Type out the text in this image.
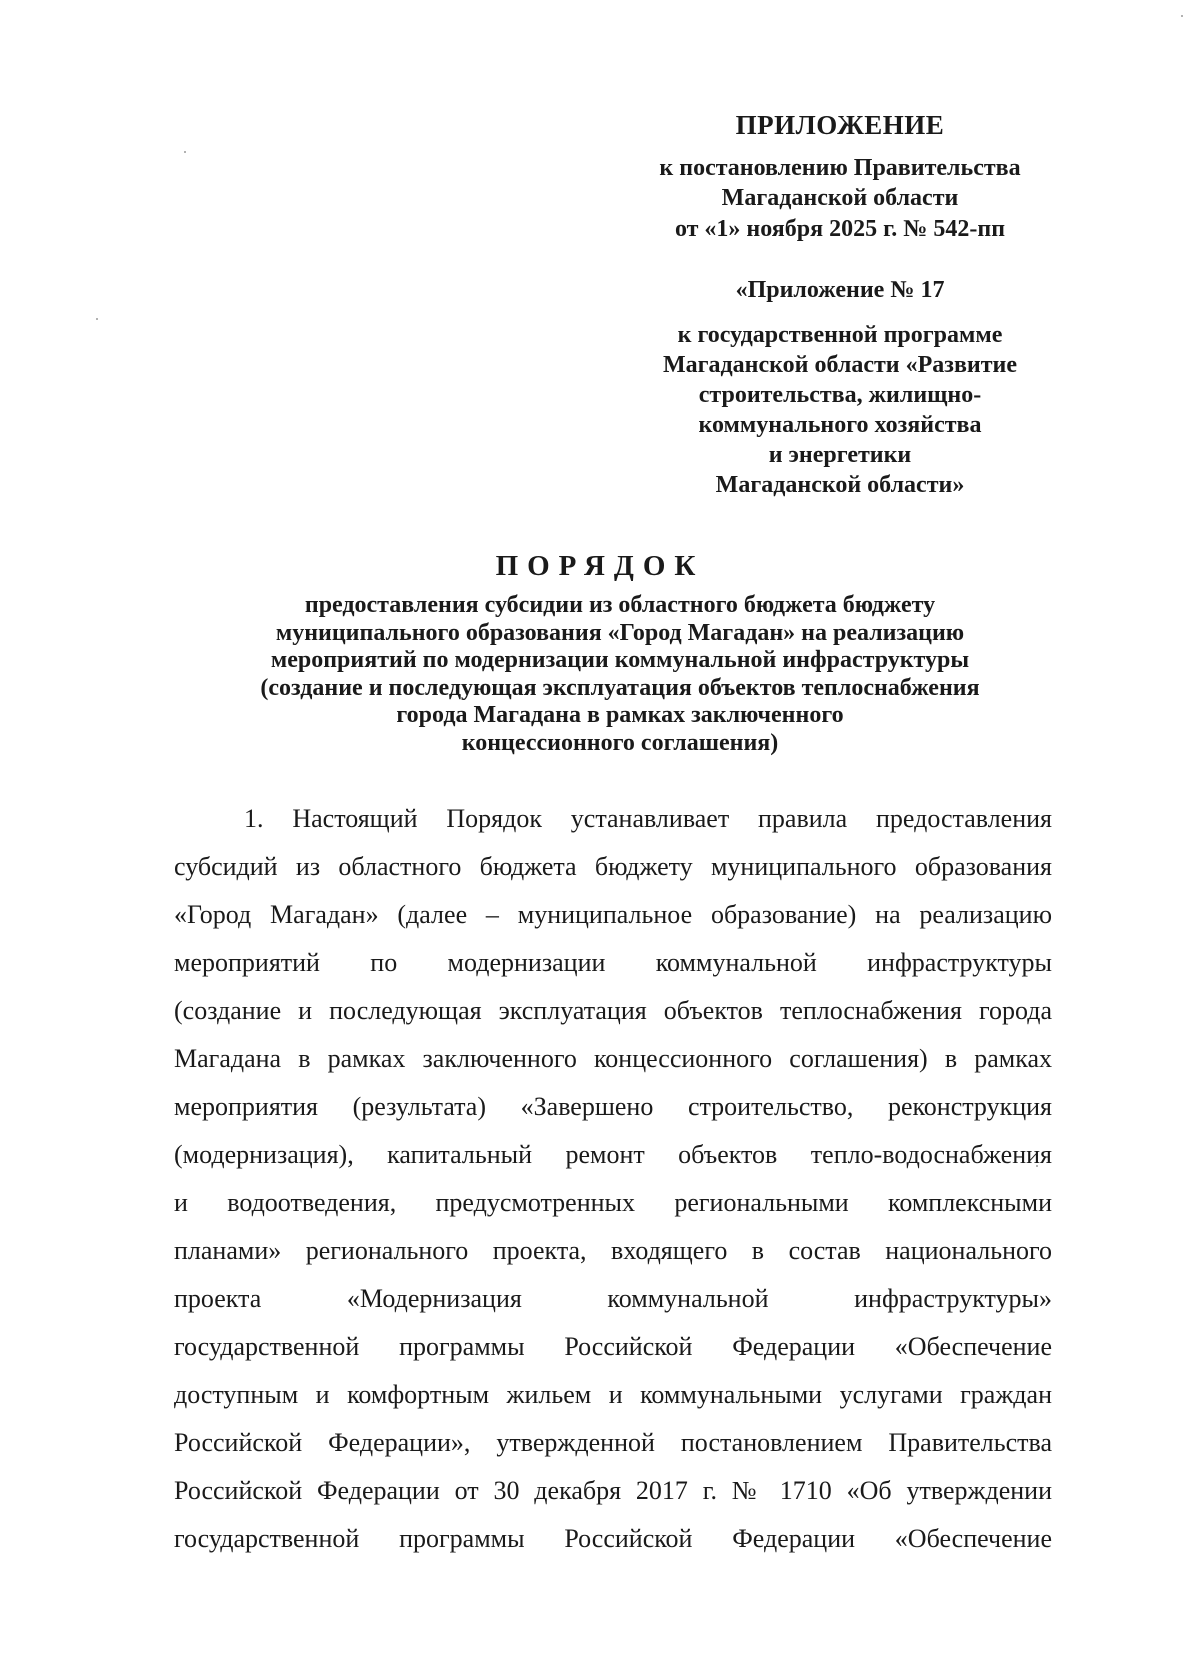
ПРИЛОЖЕНИЕ
к постановлению Правительства
Магаданской области
от «1» ноября 2025 г. № 542-пп
«Приложение № 17
к государственной программе
Магаданской области «Развитие
строительства, жилищно-
коммунального хозяйства
и энергетики
Магаданской области»
ПОРЯДОК
предоставления субсидии из областного бюджета бюджету
муниципального образования «Город Магадан» на реализацию
мероприятий по модернизации коммунальной инфраструктуры
(создание и последующая эксплуатация объектов теплоснабжения
города Магадана в рамках заключенного
концессионного соглашения)
1. Настоящий Порядок устанавливает правила предоставления
субсидий из областного бюджета бюджету муниципального образования
«Город Магадан» (далее – муниципальное образование) на реализацию
мероприятий по модернизации коммунальной инфраструктуры
(создание и последующая эксплуатация объектов теплоснабжения города
Магадана в рамках заключенного концессионного соглашения) в рамках
мероприятия (результата) «Завершено строительство, реконструкция
(модернизация), капитальный ремонт объектов тепло-водоснабжения
и водоотведения, предусмотренных региональными комплексными
планами» регионального проекта, входящего в состав национального
проекта «Модернизация коммунальной инфраструктуры»
государственной программы Российской Федерации «Обеспечение
доступным и комфортным жильем и коммунальными услугами граждан
Российской Федерации», утвержденной постановлением Правительства
Российской Федерации от 30 декабря 2017 г. № 1710 «Об утверждении
государственной программы Российской Федерации «Обеспечение
